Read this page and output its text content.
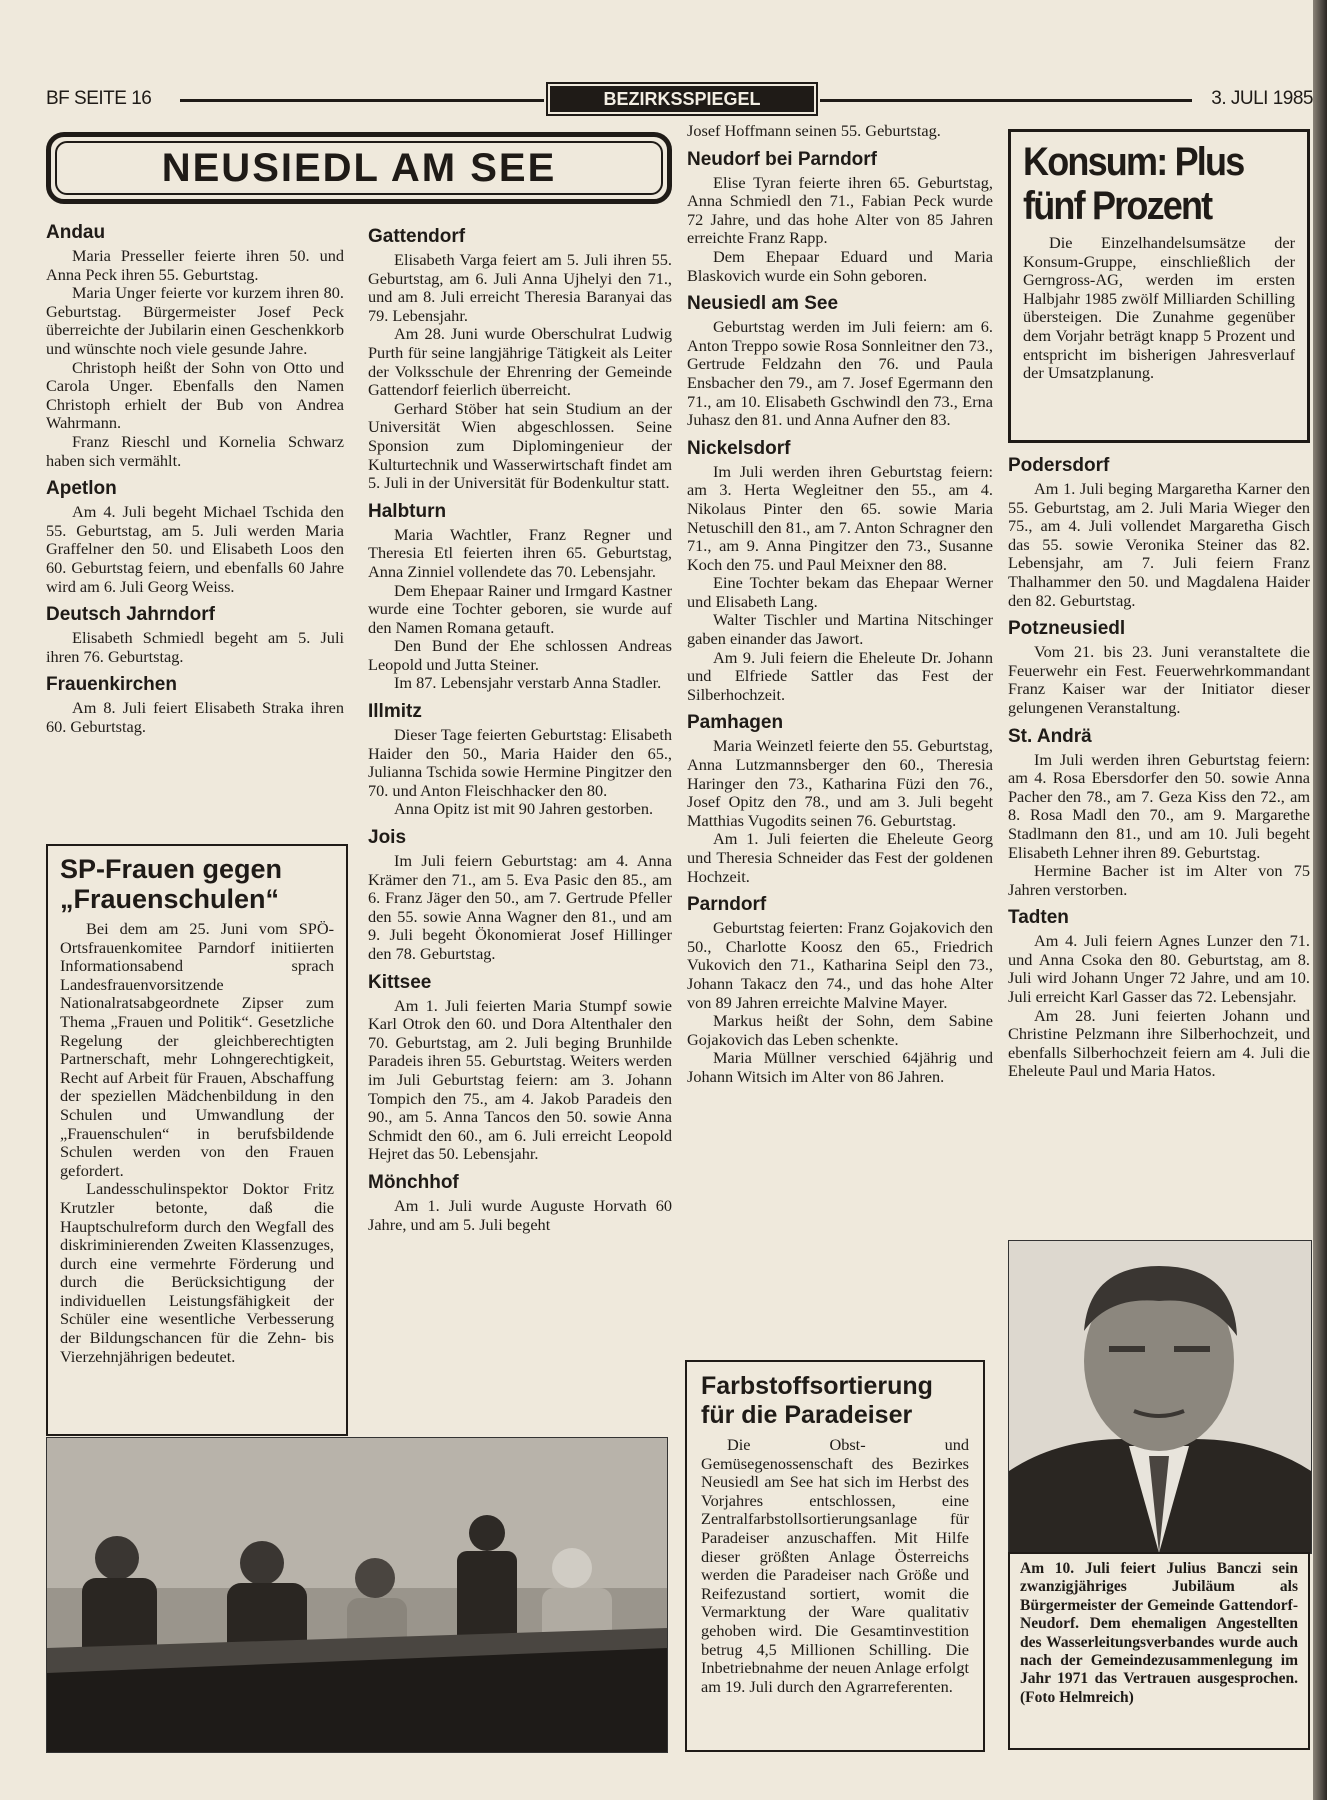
BF SEITE 16	BEZIRKSSPIEGEL	3. JULI 1985
NEUSIEDL AM SEE
Andau

Maria Presseller feierte ihren 50. und Anna Peck ihren 55. Geburtstag.

Maria Unger feierte vor kurzem ihren 80. Geburtstag. Bürgermeister Josef Peck überreichte der Jubilarin einen Geschenkkorb und wünschte noch viele gesunde Jahre.

Christoph heißt der Sohn von Otto und Carola Unger. Ebenfalls den Namen Christoph erhielt der Bub von Andrea Wahrmann.

Franz Rieschl und Kornelia Schwarz haben sich vermählt.

Apetlon

Am 4. Juli begeht Michael Tschida den 55. Geburtstag, am 5. Juli werden Maria Graffelner den 50. und Elisabeth Loos den 60. Geburtstag feiern, und ebenfalls 60 Jahre wird am 6. Juli Georg Weiss.

Deutsch Jahrndorf

Elisabeth Schmiedl begeht am 5. Juli ihren 76. Geburtstag.

Frauenkirchen

Am 8. Juli feiert Elisabeth Straka ihren 60. Geburtstag.

Gattendorf

Elisabeth Varga feiert am 5. Juli ihren 55. Geburtstag, am 6. Juli Anna Ujhelyi den 71., und am 8. Juli erreicht Theresia Baranyai das 79. Lebensjahr.

Am 28. Juni wurde Oberschulrat Ludwig Purth für seine langjährige Tätigkeit als Leiter der Volksschule der Ehrenring der Gemeinde Gattendorf feierlich überreicht.

Gerhard Stöber hat sein Studium an der Universität Wien abgeschlossen. Seine Sponsion zum Diplomingenieur der Kulturtechnik und Wasserwirtschaft findet am 5. Juli in der Universität für Bodenkultur statt.

Halbturn

Maria Wachtler, Franz Regner und Theresia Etl feierten ihren 65. Geburtstag, Anna Zinniel vollendete das 70. Lebensjahr.

Dem Ehepaar Rainer und Irmgard Kastner wurde eine Tochter geboren, sie wurde auf den Namen Romana getauft.

Den Bund der Ehe schlossen Andreas Leopold und Jutta Steiner.

Im 87. Lebensjahr verstarb Anna Stadler.

Illmitz

Dieser Tage feierten Geburtstag: Elisabeth Haider den 50., Maria Haider den 65., Julianna Tschida sowie Hermine Pingitzer den 70. und Anton Fleischhacker den 80.

Anna Opitz ist mit 90 Jahren gestorben.

Jois

Im Juli feiern Geburtstag: am 4. Anna Krämer den 71., am 5. Eva Pasic den 85., am 6. Franz Jäger den 50., am 7. Gertrude Pfeller den 55. sowie Anna Wagner den 81., und am 9. Juli begeht Ökonomierat Josef Hillinger den 78. Geburtstag.

Kittsee

Am 1. Juli feierten Maria Stumpf sowie Karl Otrok den 60. und Dora Altenthaler den 70. Geburtstag, am 2. Juli beging Brunhilde Paradeis ihren 55. Geburtstag. Weiters werden im Juli Geburtstag feiern: am 3. Johann Tompich den 75., am 4. Jakob Paradeis den 90., am 5. Anna Tancos den 50. sowie Anna Schmidt den 60., am 6. Juli erreicht Leopold Hejret das 50. Lebensjahr.

Mönchhof

Am 1. Juli wurde Auguste Horvath 60 Jahre, und am 5. Juli begeht

Josef Hoffmann seinen 55. Geburtstag.

Neudorf bei Parndorf

Elise Tyran feierte ihren 65. Geburtstag, Anna Schmiedl den 71., Fabian Peck wurde 72 Jahre, und das hohe Alter von 85 Jahren erreichte Franz Rapp.

Dem Ehepaar Eduard und Maria Blaskovich wurde ein Sohn geboren.

Neusiedl am See

Geburtstag werden im Juli feiern: am 6. Anton Treppo sowie Rosa Sonnleitner den 73., Gertrude Feldzahn den 76. und Paula Ensbacher den 79., am 7. Josef Egermann den 71., am 10. Elisabeth Gschwindl den 73., Erna Juhasz den 81. und Anna Aufner den 83.

Nickelsdorf

Im Juli werden ihren Geburtstag feiern: am 3. Herta Wegleitner den 55., am 4. Nikolaus Pinter den 65. sowie Maria Netuschill den 81., am 7. Anton Schragner den 71., am 9. Anna Pingitzer den 73., Susanne Koch den 75. und Paul Meixner den 88.

Eine Tochter bekam das Ehepaar Werner und Elisabeth Lang.

Walter Tischler und Martina Nitschinger gaben einander das Jawort.

Am 9. Juli feiern die Eheleute Dr. Johann und Elfriede Sattler das Fest der Silberhochzeit.

Pamhagen

Maria Weinzetl feierte den 55. Geburtstag, Anna Lutzmannsberger den 60., Theresia Haringer den 73., Katharina Füzi den 76., Josef Opitz den 78., und am 3. Juli begeht Matthias Vugodits seinen 76. Geburtstag.

Am 1. Juli feierten die Eheleute Georg und Theresia Schneider das Fest der goldenen Hochzeit.

Parndorf

Geburtstag feierten: Franz Gojakovich den 50., Charlotte Koosz den 65., Friedrich Vukovich den 71., Katharina Seipl den 73., Johann Takacz den 74., und das hohe Alter von 89 Jahren erreichte Malvine Mayer.

Markus heißt der Sohn, dem Sabine Gojakovich das Leben schenkte.

Maria Müllner verschied 64jährig und Johann Witsich im Alter von 86 Jahren.

Podersdorf

Am 1. Juli beging Margaretha Karner den 55. Geburtstag, am 2. Juli Maria Wieger den 75., am 4. Juli vollendet Margaretha Gisch das 55. sowie Veronika Steiner das 82. Lebensjahr, am 7. Juli feiern Franz Thalhammer den 50. und Magdalena Haider den 82. Geburtstag.

Potzneusiedl

Vom 21. bis 23. Juni veranstaltete die Feuerwehr ein Fest. Feuerwehrkommandant Franz Kaiser war der Initiator dieser gelungenen Veranstaltung.

St. Andrä

Im Juli werden ihren Geburtstag feiern: am 4. Rosa Ebersdorfer den 50. sowie Anna Pacher den 78., am 7. Geza Kiss den 72., am 8. Rosa Madl den 70., am 9. Margarethe Stadlmann den 81., und am 10. Juli begeht Elisabeth Lehner ihren 89. Geburtstag.

Hermine Bacher ist im Alter von 75 Jahren verstorben.

Tadten

Am 4. Juli feiern Agnes Lunzer den 71. und Anna Csoka den 80. Geburtstag, am 8. Juli wird Johann Unger 72 Jahre, und am 10. Juli erreicht Karl Gasser das 72. Lebensjahr.

Am 28. Juni feierten Johann und Christine Pelzmann ihre Silberhochzeit, und ebenfalls Silberhochzeit feiern am 4. Juli die Eheleute Paul und Maria Hatos.

SP-Frauen gegen „Frauenschulen“

Bei dem am 25. Juni vom SPÖ-Ortsfrauenkomitee Parndorf initiierten Informationsabend sprach Landesfrauenvorsitzende Nationalratsabgeordnete Zipser zum Thema „Frauen und Politik“. Gesetzliche Regelung der gleichberechtigten Partnerschaft, mehr Lohngerechtigkeit, Recht auf Arbeit für Frauen, Abschaffung der speziellen Mädchenbildung in den Schulen und Umwandlung der „Frauenschulen“ in berufsbildende Schulen werden von den Frauen gefordert.

Landesschulinspektor Doktor Fritz Krutzler betonte, daß die Hauptschulreform durch den Wegfall des diskriminierenden Zweiten Klassenzuges, durch eine vermehrte Förderung und durch die Berücksichtigung der individuellen Leistungsfähigkeit der Schüler eine wesentliche Verbesserung der Bildungschancen für die Zehn- bis Vierzehnjährigen bedeutet.

Farbstoffsortierung für die Paradeiser

Die Obst- und Gemüsegenossenschaft des Bezirkes Neusiedl am See hat sich im Herbst des Vorjahres entschlossen, eine Zentralfarbstollsortierungsanlage für Paradeiser anzuschaffen. Mit Hilfe dieser größten Anlage Österreichs werden die Paradeiser nach Größe und Reifezustand sortiert, womit die Vermarktung der Ware qualitativ gehoben wird. Die Gesamtinvestition betrug 4,5 Millionen Schilling. Die Inbetriebnahme der neuen Anlage erfolgt am 19. Juli durch den Agrarreferenten.

Konsum: Plus fünf Prozent

Die Einzelhandelsumsätze der Konsum-Gruppe, einschließlich der Gerngross-AG, werden im ersten Halbjahr 1985 zwölf Milliarden Schilling übersteigen. Die Zunahme gegenüber dem Vorjahr beträgt knapp 5 Prozent und entspricht im bisherigen Jahresverlauf der Umsatzplanung.

Am 10. Juli feiert Julius Banczi sein zwanzigjähriges Jubiläum als Bürgermeister der Gemeinde Gattendorf-Neudorf. Dem ehemaligen Angestellten des Wasserleitungsverbandes wurde auch nach der Gemeindezusammenlegung im Jahr 1971 das Vertrauen ausgesprochen. (Foto Helmreich)
